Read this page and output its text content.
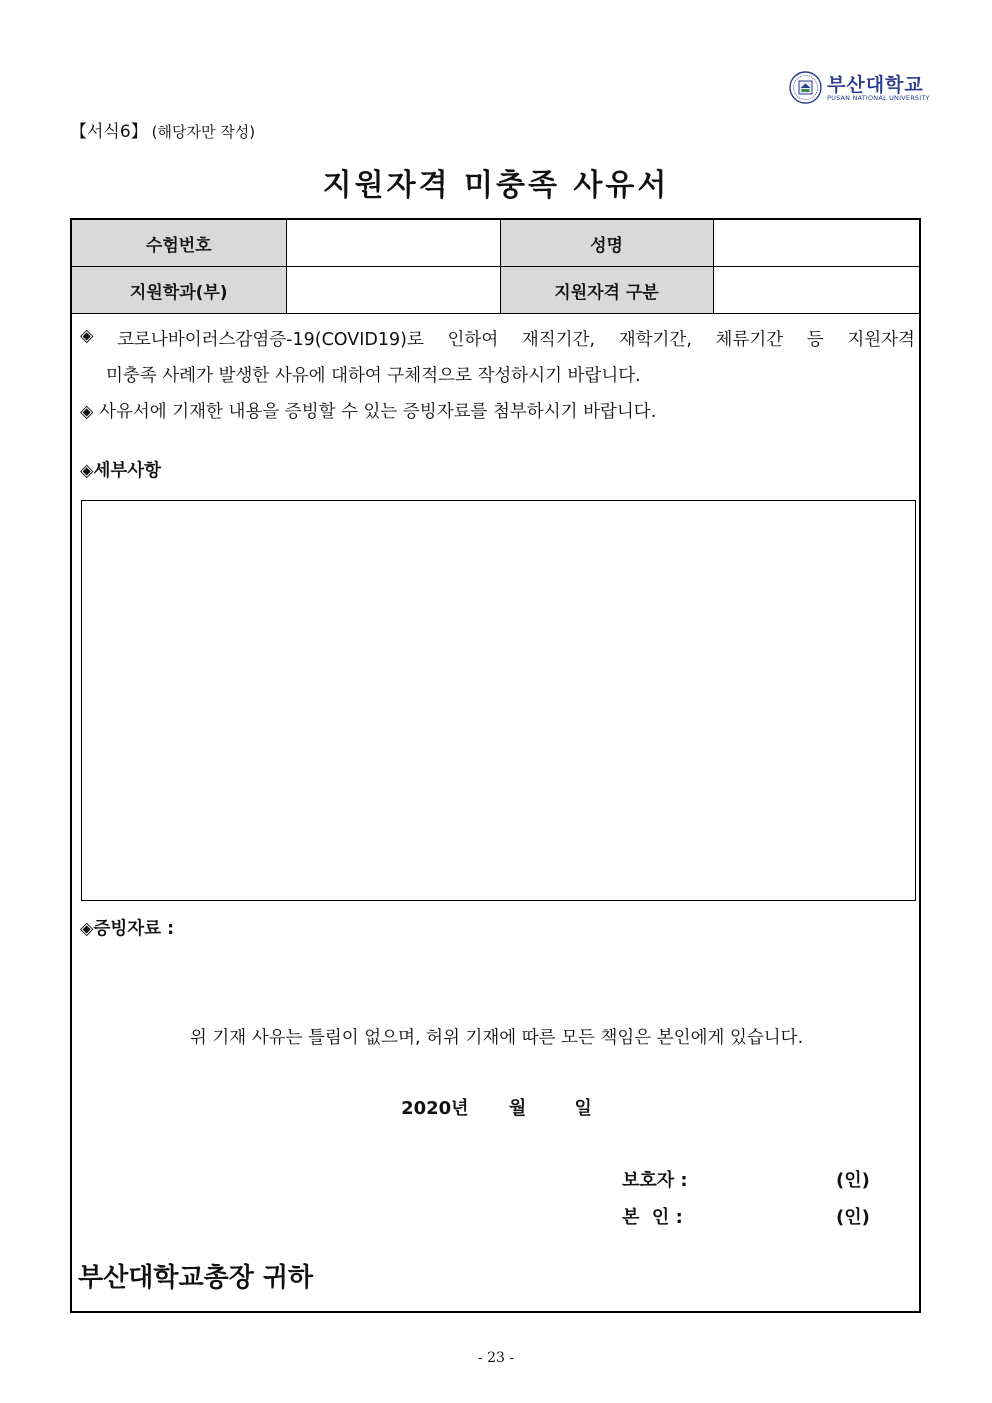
부산대학교
PUSAN NATIONAL UNIVERSITY
【서식6】 (해당자만 작성)
지원자격 미충족 사유서
수험번호		성명	
지원학과(부)		지원자격 구분	
◈ 코로나바이러스감염증-19(COVID19)로 인하여 재직기간, 재학기간, 체류기간 등 지원자격
미충족 사례가 발생한 사유에 대하여 구체적으로 작성하시기 바랍니다.
◈ 사유서에 기재한 내용을 증빙할 수 있는 증빙자료를 첨부하시기 바랍니다.
◈세부사항
◈증빙자료 :
위 기재 사유는 틀림이 없으며, 허위 기재에 따른 모든 책임은 본인에게 있습니다.
2020년 월	일
보호자 :	(인)
본  인 :	(인)
부산대학교총장 귀하
- 23 -
